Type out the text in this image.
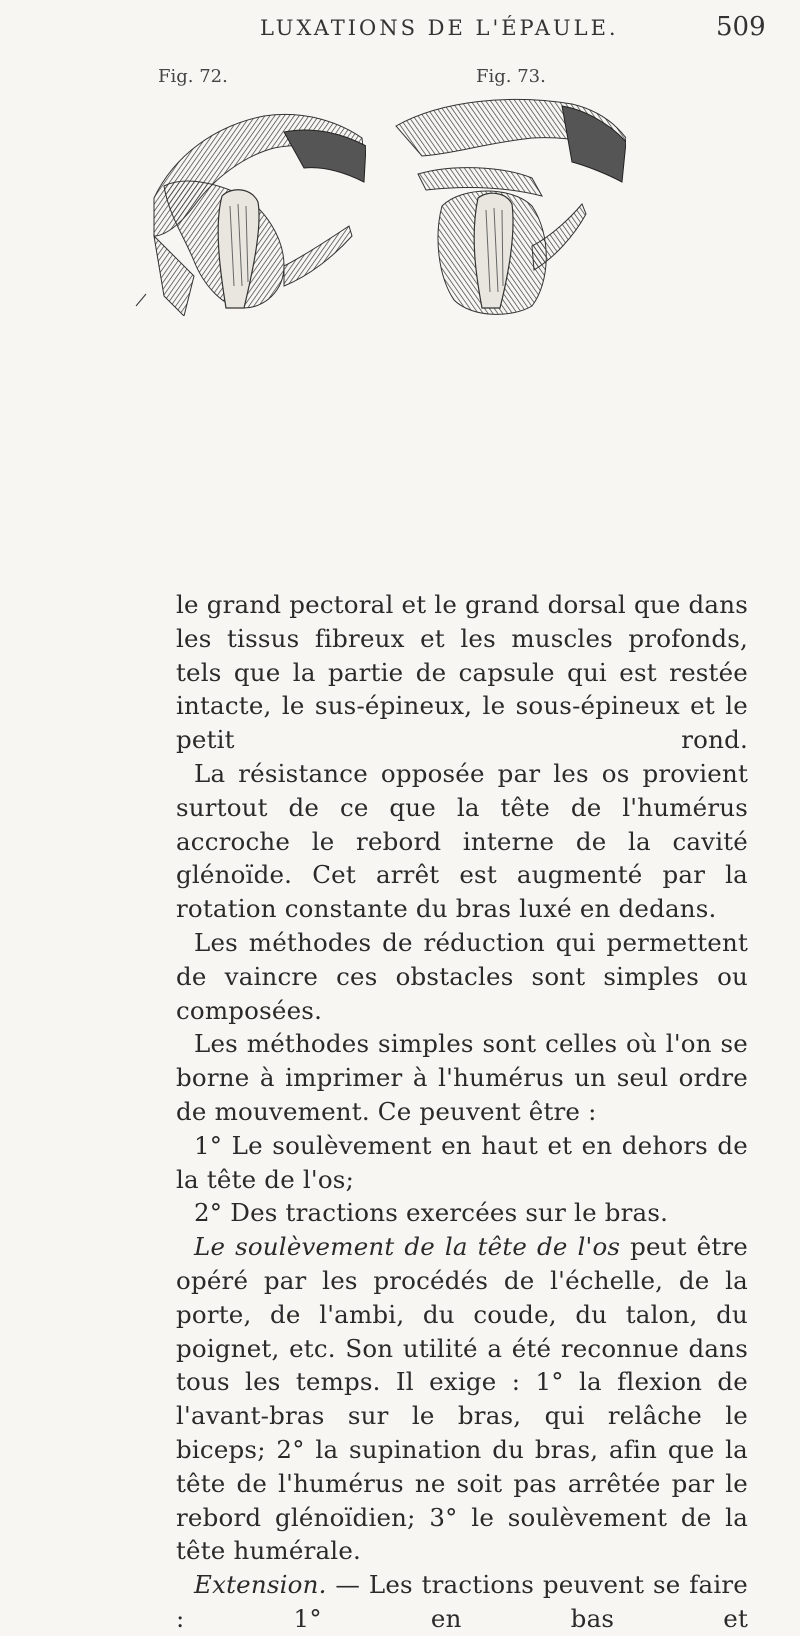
LUXATIONS DE L'ÉPAULE.	509
Fig. 72.	Fig. 73.

le grand pectoral et le grand dorsal que dans les tissus fibreux et les muscles profonds, tels que la partie de capsule qui est restée intacte, le sus-épineux, le sous-épineux et le petit rond.

La résistance opposée par les os provient surtout de ce que la tête de l'humérus accroche le rebord interne de la cavité glénoïde. Cet arrêt est augmenté par la rotation constante du bras luxé en dedans.

Les méthodes de réduction qui permettent de vaincre ces obstacles sont simples ou composées.

Les méthodes simples sont celles où l'on se borne à imprimer à l'humérus un seul ordre de mouvement. Ce peuvent être :

1° Le soulèvement en haut et en dehors de la tête de l'os;

2° Des tractions exercées sur le bras.

Le soulèvement de la tête de l'os peut être opéré par les procédés de l'échelle, de la porte, de l'ambi, du coude, du talon, du poignet, etc. Son utilité a été reconnue dans tous les temps. Il exige : 1° la flexion de l'avant-bras sur le bras, qui relâche le biceps; 2° la supination du bras, afin que la tête de l'humérus ne soit pas arrêtée par le rebord glénoïdien; 3° le soulèvement de la tête humérale.

Extension. — Les tractions peuvent se faire : 1° en bas et
